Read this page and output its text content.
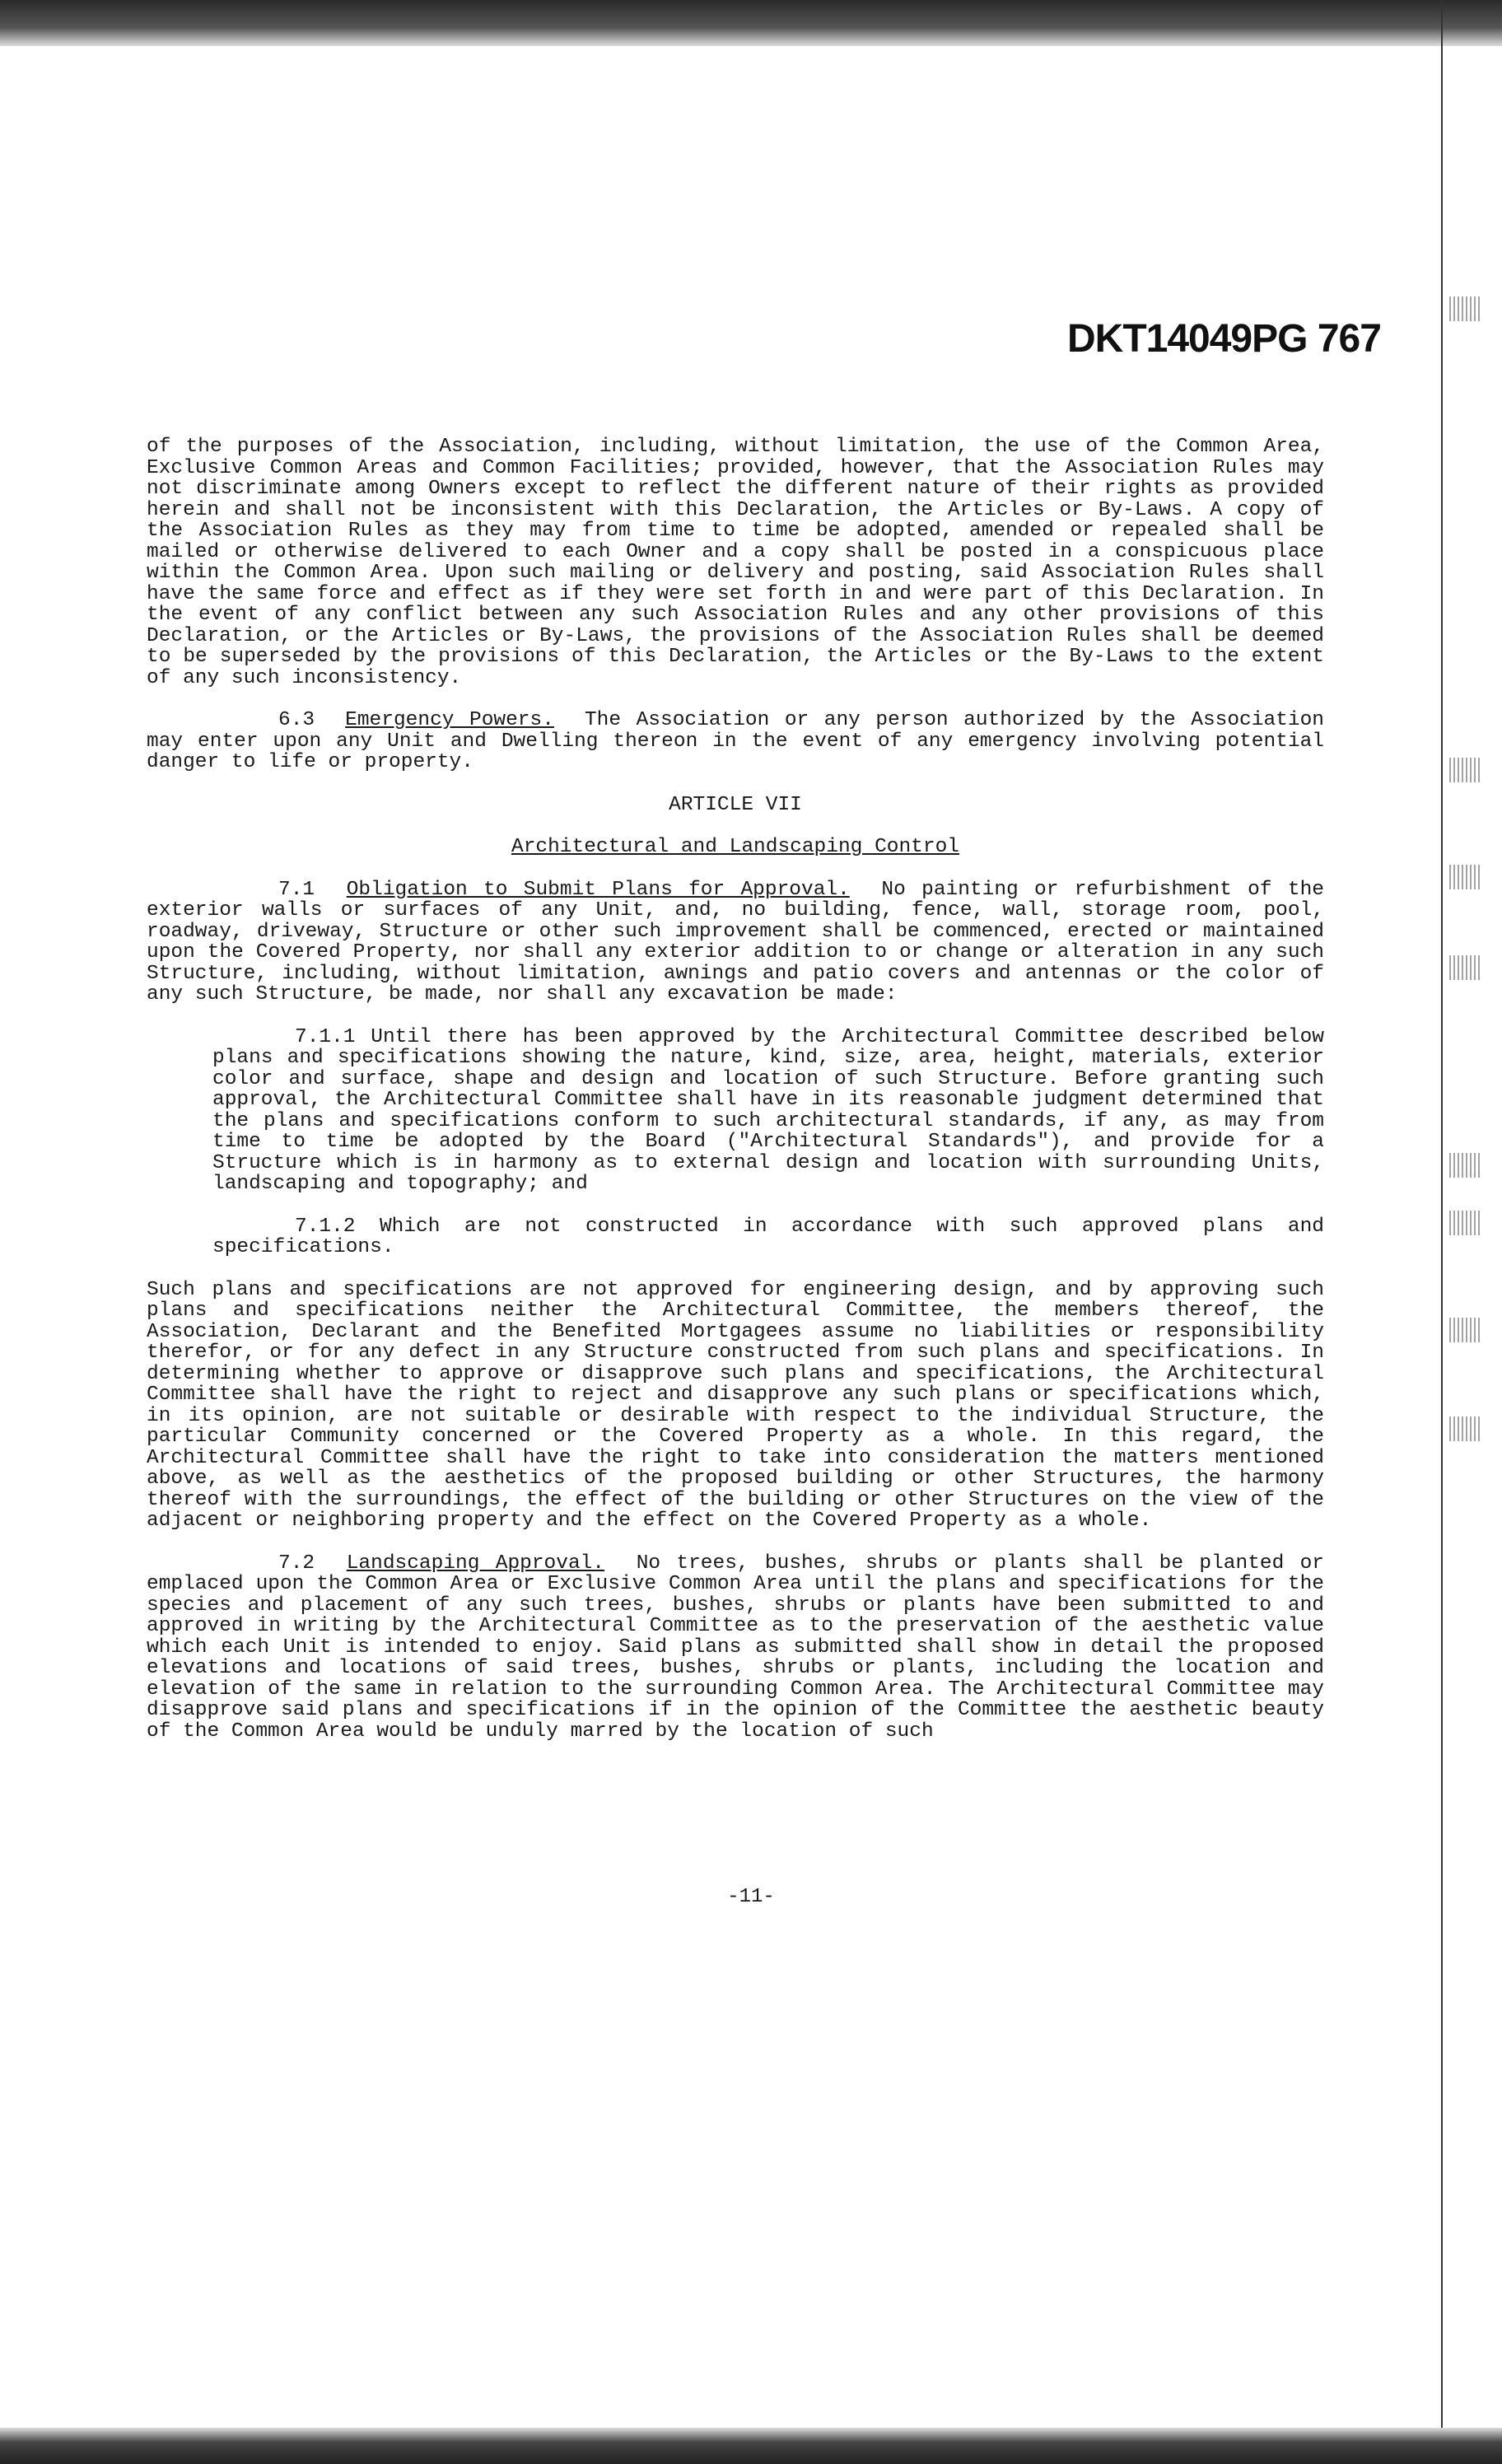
DKT14049PG 767

of the purposes of the Association, including, without limitation, the use of the Common Area, Exclusive Common Areas and Common Facilities; provided, however, that the Association Rules may not discriminate among Owners except to reflect the different nature of their rights as provided herein and shall not be inconsistent with this Declaration, the Articles or By-Laws. A copy of the Association Rules as they may from time to time be adopted, amended or repealed shall be mailed or otherwise delivered to each Owner and a copy shall be posted in a conspicuous place within the Common Area. Upon such mailing or delivery and posting, said Association Rules shall have the same force and effect as if they were set forth in and were part of this Declaration. In the event of any conflict between any such Association Rules and any other provisions of this Declaration, or the Articles or By-Laws, the provisions of the Association Rules shall be deemed to be superseded by the provisions of this Declaration, the Articles or the By-Laws to the extent of any such inconsistency.

6.3 Emergency Powers. The Association or any person authorized by the Association may enter upon any Unit and Dwelling thereon in the event of any emergency involving potential danger to life or property.

ARTICLE VII

Architectural and Landscaping Control

7.1 Obligation to Submit Plans for Approval. No painting or refurbishment of the exterior walls or surfaces of any Unit, and, no building, fence, wall, storage room, pool, roadway, driveway, Structure or other such improvement shall be commenced, erected or maintained upon the Covered Property, nor shall any exterior addition to or change or alteration in any such Structure, including, without limitation, awnings and patio covers and antennas or the color of any such Structure, be made, nor shall any excavation be made:

7.1.1 Until there has been approved by the Architectural Committee described below plans and specifications showing the nature, kind, size, area, height, materials, exterior color and surface, shape and design and location of such Structure. Before granting such approval, the Architectural Committee shall have in its reasonable judgment determined that the plans and specifications conform to such architectural standards, if any, as may from time to time be adopted by the Board ("Architectural Standards"), and provide for a Structure which is in harmony as to external design and location with surrounding Units, landscaping and topography; and

7.1.2 Which are not constructed in accordance with such approved plans and specifications.

Such plans and specifications are not approved for engineering design, and by approving such plans and specifications neither the Architectural Committee, the members thereof, the Association, Declarant and the Benefited Mortgagees assume no liabilities or responsibility therefor, or for any defect in any Structure constructed from such plans and specifications. In determining whether to approve or disapprove such plans and specifications, the Architectural Committee shall have the right to reject and disapprove any such plans or specifications which, in its opinion, are not suitable or desirable with respect to the individual Structure, the particular Community concerned or the Covered Property as a whole. In this regard, the Architectural Committee shall have the right to take into consideration the matters mentioned above, as well as the aesthetics of the proposed building or other Structures, the harmony thereof with the surroundings, the effect of the building or other Structures on the view of the adjacent or neighboring property and the effect on the Covered Property as a whole.

7.2 Landscaping Approval. No trees, bushes, shrubs or plants shall be planted or emplaced upon the Common Area or Exclusive Common Area until the plans and specifications for the species and placement of any such trees, bushes, shrubs or plants have been submitted to and approved in writing by the Architectural Committee as to the preservation of the aesthetic value which each Unit is intended to enjoy. Said plans as submitted shall show in detail the proposed elevations and locations of said trees, bushes, shrubs or plants, including the location and elevation of the same in relation to the surrounding Common Area. The Architectural Committee may disapprove said plans and specifications if in the opinion of the Committee the aesthetic beauty of the Common Area would be unduly marred by the location of such

-11-
